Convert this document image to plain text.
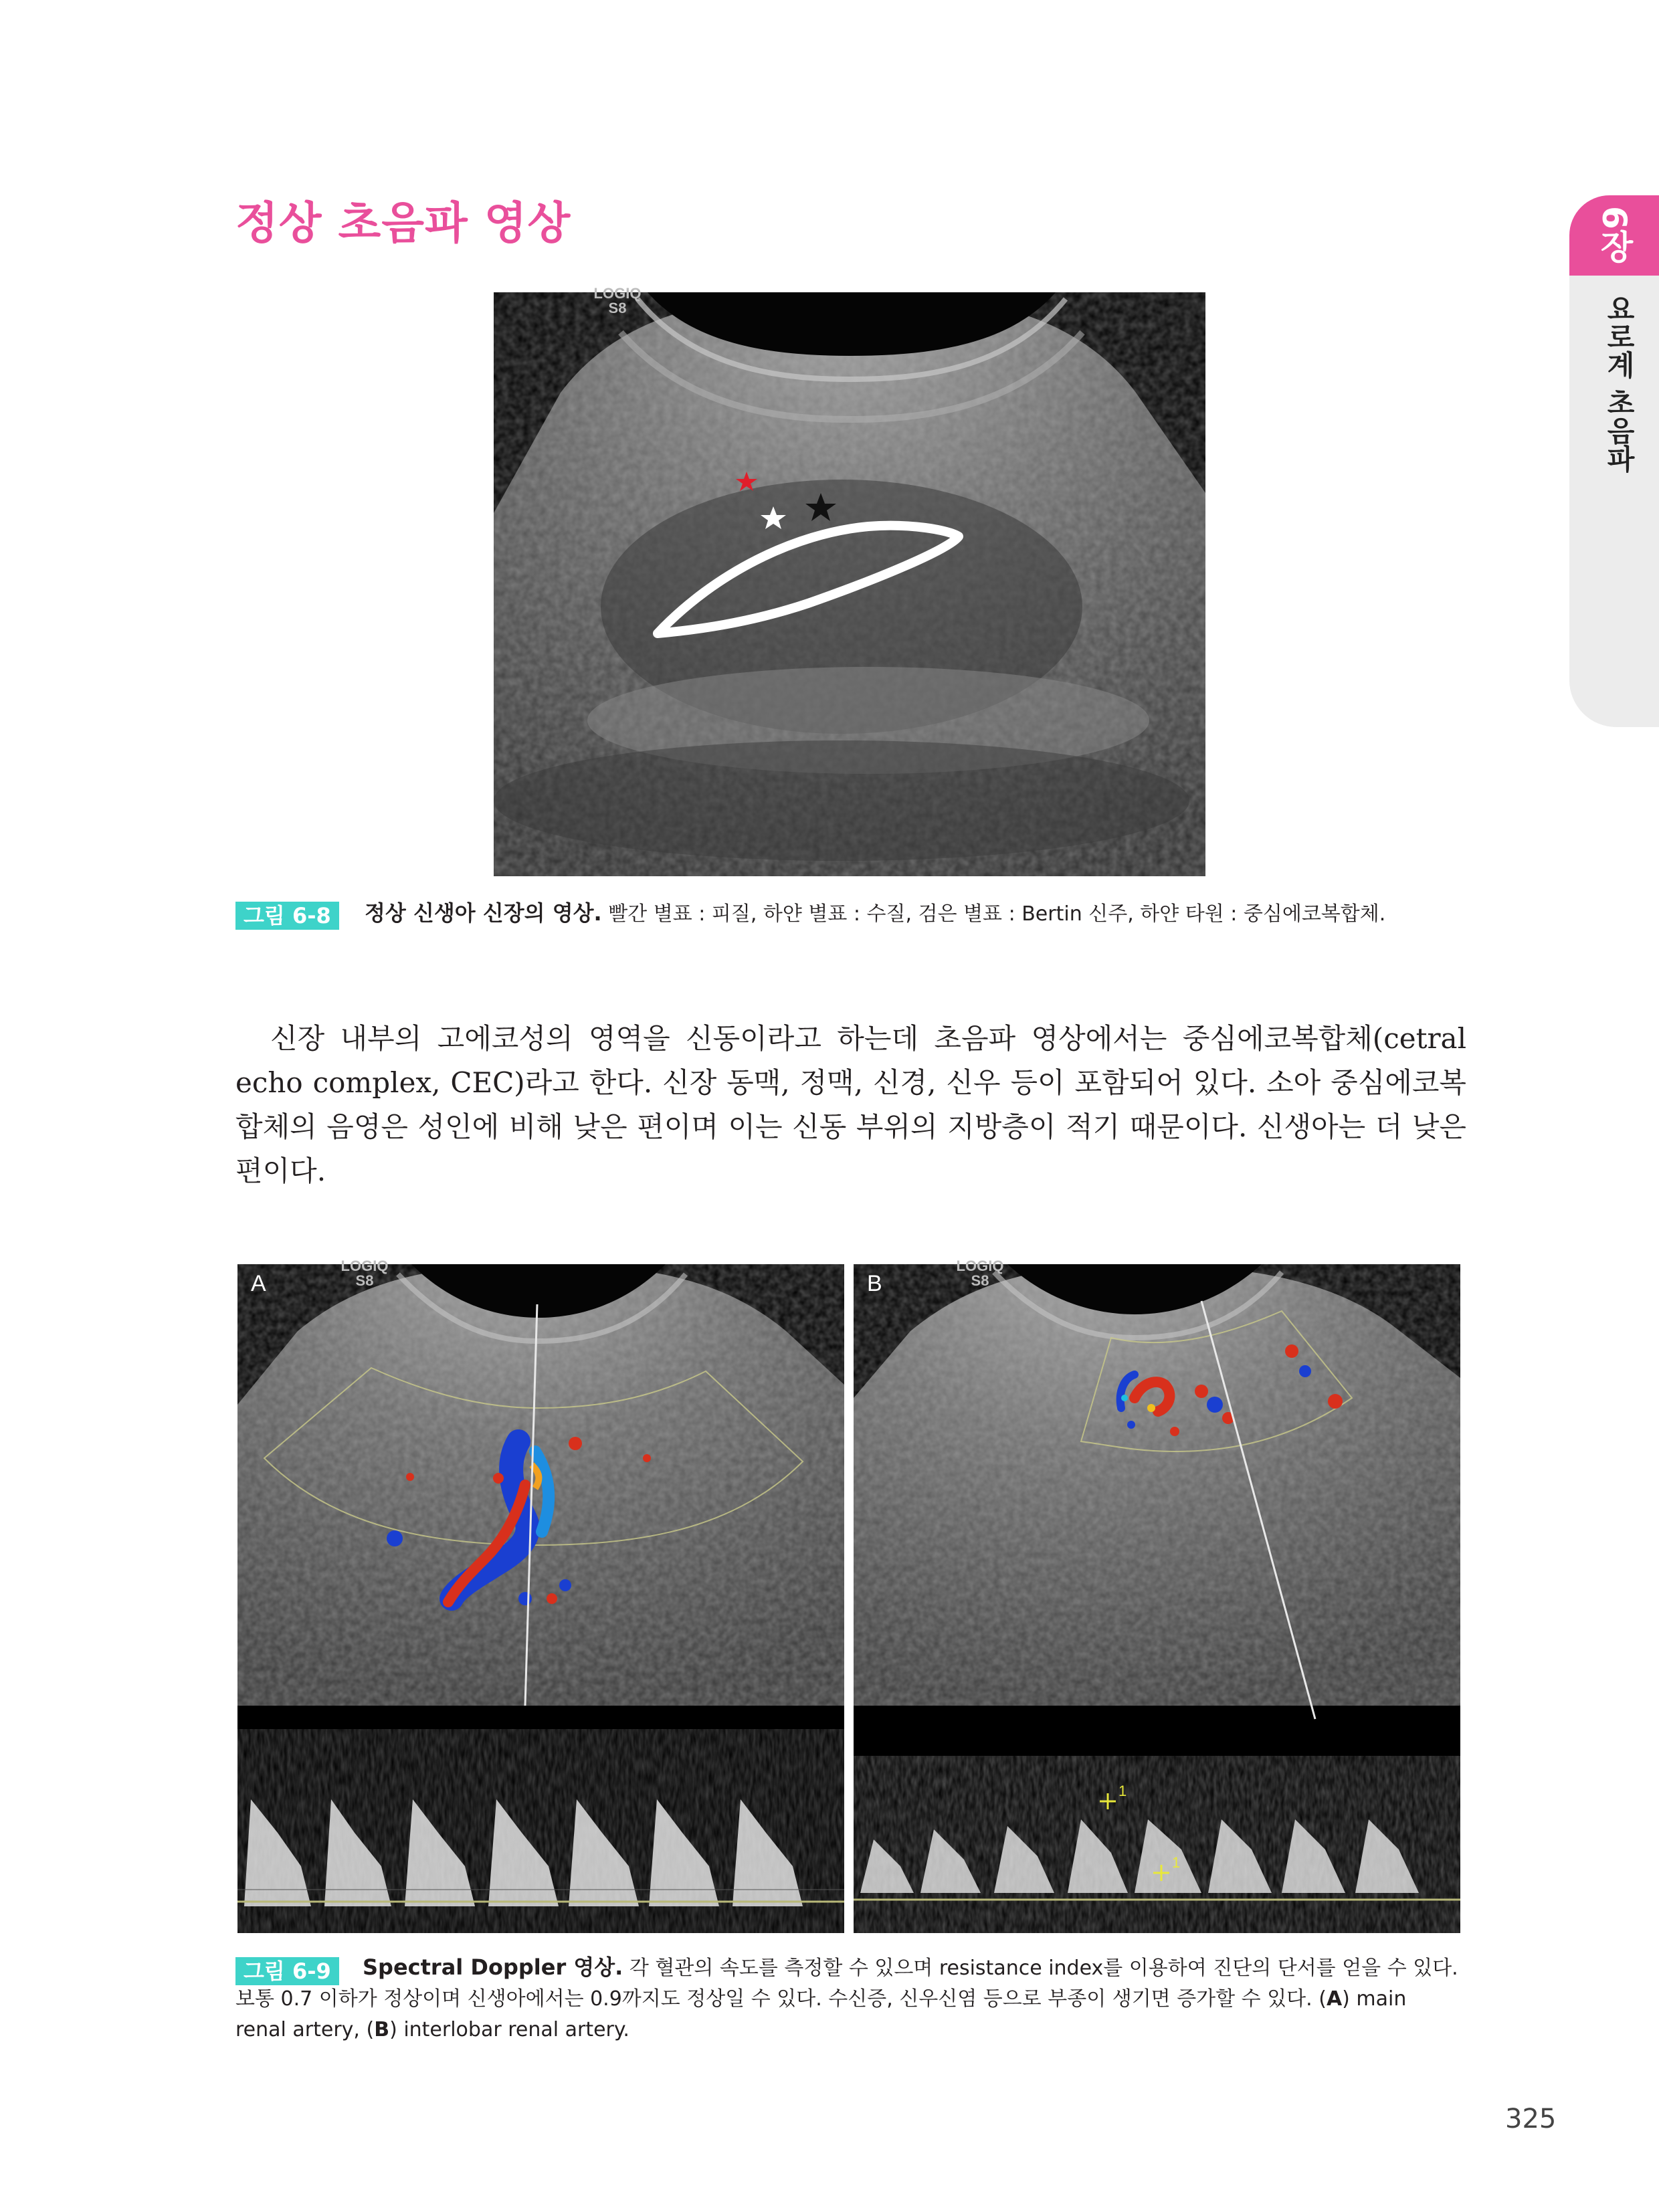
정상 초음파 영상	6장
요로계 초음파
LOGIQ
S8
그림 6-8	정상 신생아 신장의 영상. 빨간 별표 : 피질, 하얀 별표 : 수질, 검은 별표 : Bertin 신주, 하얀 타원 : 중심에코복합체.
신장 내부의 고에코성의 영역을 신동이라고 하는데 초음파 영상에서는 중심에코복합체(cetral echo complex, CEC)라고 한다. 신장 동맥, 정맥, 신경, 신우 등이 포함되어 있다. 소아 중심에코복합체의 음영은 성인에 비해 낮은 편이며 이는 신동 부위의 지방층이 적기 때문이다. 신생아는 더 낮은 편이다.
A
LOGIQ
S8	B
LOGIQ
S8
1
1
그림 6-9	Spectral Doppler 영상. 각 혈관의 속도를 측정할 수 있으며 resistance index를 이용하여 진단의 단서를 얻을 수 있다. 보통 0.7 이하가 정상이며 신생아에서는 0.9까지도 정상일 수 있다. 수신증, 신우신염 등으로 부종이 생기면 증가할 수 있다. (A) main renal artery, (B) interlobar renal artery.
325
